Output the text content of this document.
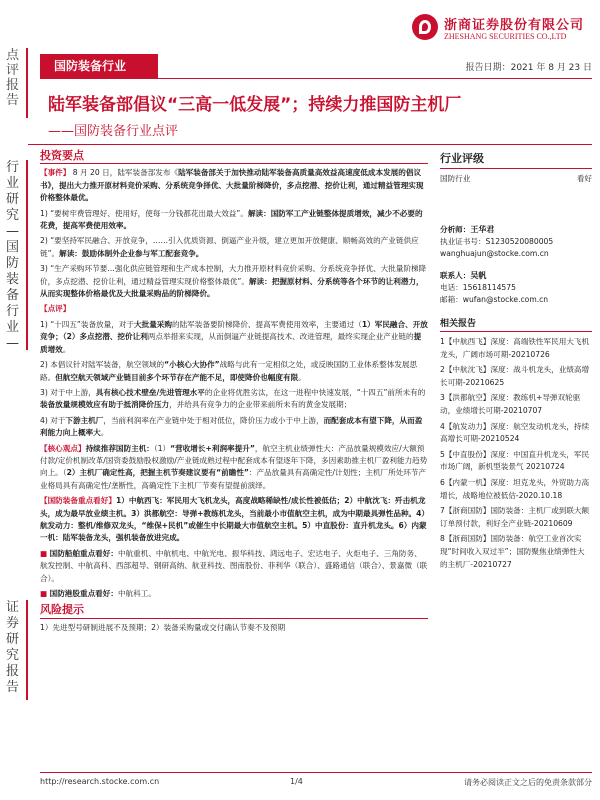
浙商证券股份有限公司
ZHESHANG SECURITIES CO.,LTD
点评报告
国防装备行业	报告日期：2021 年 8 月 23 日
陆军装备部倡议“三高一低发展”；持续力推国防主机厂
——国防装备行业点评
行业研究—国防装备行业—
证券研究报告
投资要点
【事件】 8 月 20 日，陆军装备部发布《陆军装备部关于加快推动陆军装备高质量高效益高速度低成本发展的倡议书》，提出大力推开原材料竞价采购、分系统竞争择优、大批量阶梯降价，多点挖潜、挖价让利，通过精益管理实现价格整体最优。
1) “要树牢费管理好、使用好，使每一分钱都花出最大效益”。解读：国防军工产业链整体提质增效，减少不必要的花费，提高军费使用效率。
2) “要坚持军民融合、开放竞争，……引入优质资源、倒逼产业升级，建立更加开放健康、顺畅高效的产业链供应链”。解读：鼓励体制外企业参与军工配套竞争。
3) “生产采购环节要…强化供应链管理和生产成本控制，大力推开原材料竞价采购、分系统竞争择优、大批量阶梯降价，多点挖潜、挖价让利，通过精益管理实现价格整体最优”。解读：把握原材料、分系统等各个环节的让利潜力，从而实现整体价格最优及大批量采购品的阶梯降价。
【点评】
1) “十四五”装备放量，对于大批量采购的陆军装备要阶梯降价、提高军费使用效率，主要通过（1）军民融合、开放竞争；（2）多点挖潜、挖价让利两点举措来实现，从而倒逼产业链提高技术、改进管理，最终实现企业产业链的提质增效。
2) 本倡议针对陆军装备，航空领域的“小核心大协作”战略与此有一定相似之处，或反映国防工业体系整体发展思路。但航空航天领域产业链目前多个环节存在产能不足，即使降价也幅度有限。
3) 对于中上游，具有核心技术壁垒/先进管理水平的企业将优胜劣汰，在这一进程中快速发展，“十四五”前所未有的装备放量规模效应有助于抵消降价压力，并给具有竞争力的企业带来前所未有的黄金发展期；
4) 对于下游主机厂，当前利润率在产业链中处于相对低位，降价压力或小于中上游，而配套成本有望下降，从而盈利能力向上概率大。
【核心观点】持续推荐国防主机：（1）“营收增长+利润率提升”，航空主机业绩弹性大：产品放量规模效应/大额预付款/定价机制改革/国资委鼓励股权激励/产业链成熟过程中配套成本有望逐年下降，多因素助推主机厂盈利能力趋势向上。（2）主机厂确定性高，把握主机节奏建议要有“前瞻性”：产品放量具有高确定性/计划性；主机厂所处环节产业格局具有高确定性/垄断性，高确定性下主机厂节奏有望提前演绎。
【国防装备重点看好】1）中航西飞：军民用大飞机龙头，高度战略稀缺性/成长性被低估；2）中航沈飞：歼击机龙头，成为最早放业绩主机。3）洪都航空：导弹+教练机龙头，当前最小市值航空主机，成为中期最具弹性品种。4）航发动力：整机/维修双龙头，“维保+民机”或催生中长期最大市值航空主机。5）中直股份：直升机龙头。6）内蒙一机：陆军装备龙头，强机装备放进完成。
■ 国防船舶重点看好：中航重机、中航机电、中航光电、振华科技、鸿远电子、宏达电子、火炬电子、三角防务、航发控制、中航高科、西部超导、钢研高纳、航亚科技、图南股份、菲利华（联合）、盛路通信（联合）、景嘉微（联合）。
■ 国防港股重点看好：中航科工。
风险提示
1）先进型号研制进展不及预期；2）装备采购量或交付确认节奏不及预期
行业评级
国防行业	看好
分析师：王华君
执业证书号：S1230520080005
wanghuajun@stocke.com.cn
联系人：吴帆
电话：15618114575
邮箱：wufan@stocke.com.cn
相关报告
1【中航西飞】深度：高端铁性军民用大飞机龙头，广阔市场可期-20210726
2【中航沈飞】深度：战斗机龙头，业绩高增长可期-20210625
3【洪都航空】深度：教练机+导弹双轮驱动，业绩增长可期-20210707
4【航发动力】深度：航空发动机龙头，持续高增长可期-20210524
5【中直股份】深度：中国直升机龙头，军民市场广阔，新机型装景气 20210724
6【内蒙一机】深度：坦克龙头，外贸助力高增长，战略地位被低估-2020.10.18
7【浙商国防】国防装备：主机厂或到联大额订单预付款，利好全产业链-20210609
8【浙商国防】国防装备：航空工业首次实现“时间收入双过半”；国防聚焦业绩弹性大的主机厂-20210727
http://research.stocke.com.cn	1/4	请务必阅读正文之后的免责条款部分
